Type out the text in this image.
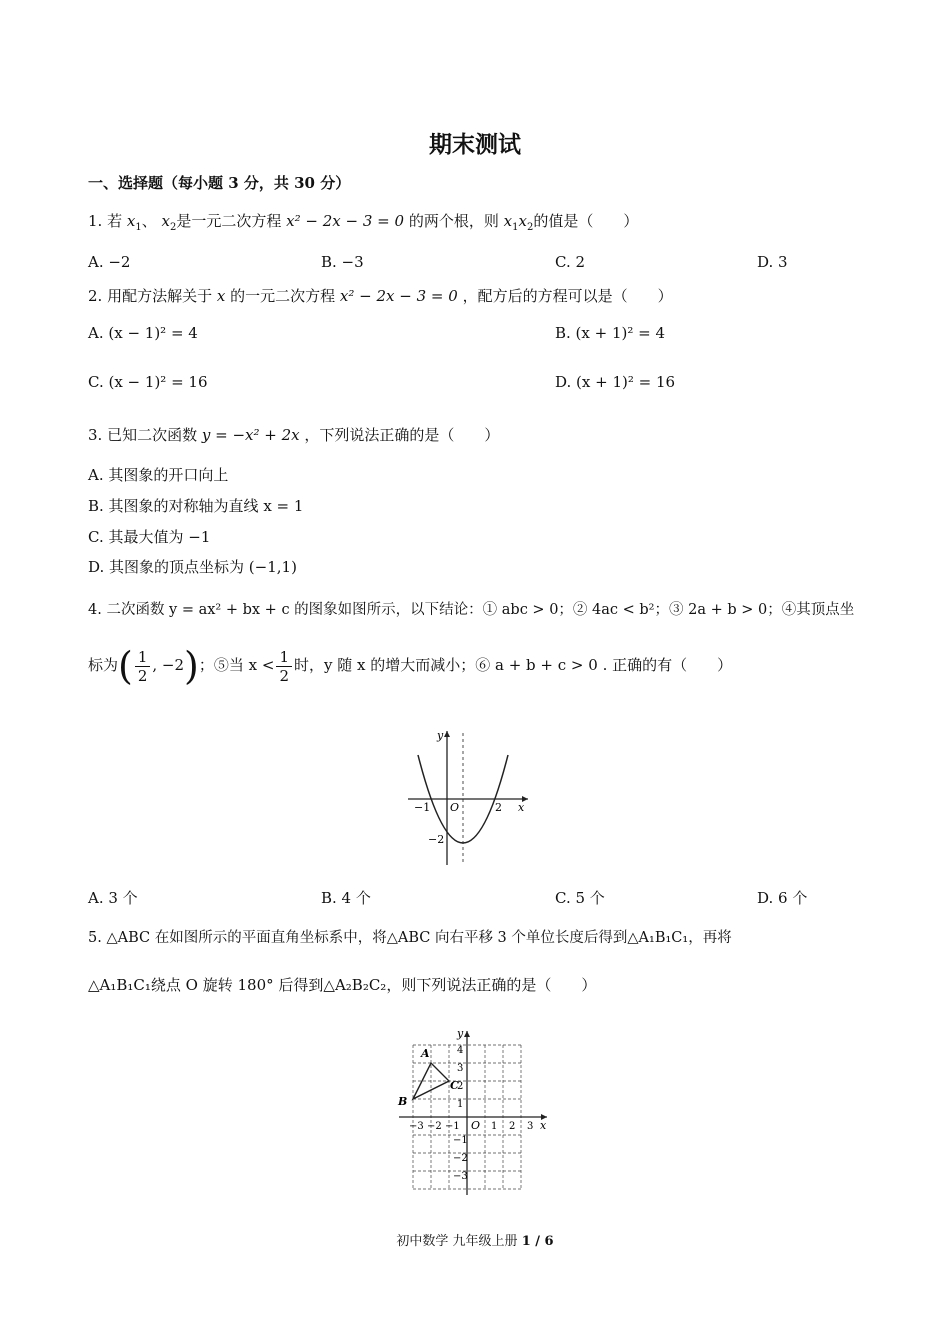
期末测试
一、选择题（每小题 3 分，共 30 分）
1. 若 $x_1$、 $x_2$是一元二次方程 x² − 2x − 3 = 0 的两个根，则 $x_1x_2$的值是（　　）
A. −2	B. −3	C. 2	D. 3
2. 用配方法解关于 x 的一元二次方程 x² − 2x − 3 = 0 ，配方后的方程可以是（　　）
A. (x − 1)² = 4	B. (x + 1)² = 4
C. (x − 1)² = 16	D. (x + 1)² = 16
3. 已知二次函数 y = −x² + 2x ，下列说法正确的是（　　）
A. 其图象的开口向上
B. 其图象的对称轴为直线 x = 1
C. 其最大值为 −1
D. 其图象的顶点坐标为 (−1,1)
4. 二次函数 y = ax² + bx + c 的图象如图所示，以下结论：① abc > 0；② 4ac < b²；③ 2a + b > 0；④其顶点坐
标为( $\frac{1}{2}$ , −2)；⑤当 $x < \frac{1}{2}$ 时，y 随 x 的增大而减小；⑥ a + b + c > 0 . 正确的有（　　）
y
x
O
−1	2
−2
A. 3 个	B. 4 个	C. 5 个	D. 6 个
5. △ABC 在如图所示的平面直角坐标系中，将△ABC 向右平移 3 个单位长度后得到△A₁B₁C₁，再将
△A₁B₁C₁绕点 O 旋转 180° 后得到△A₂B₂C₂，则下列说法正确的是（　　）
y
x
O
A
B
C
−3 −2 −1	1 2 3
4
3
2
1
−1
−2
−3
初中数学 九年级上册 1 / 6
